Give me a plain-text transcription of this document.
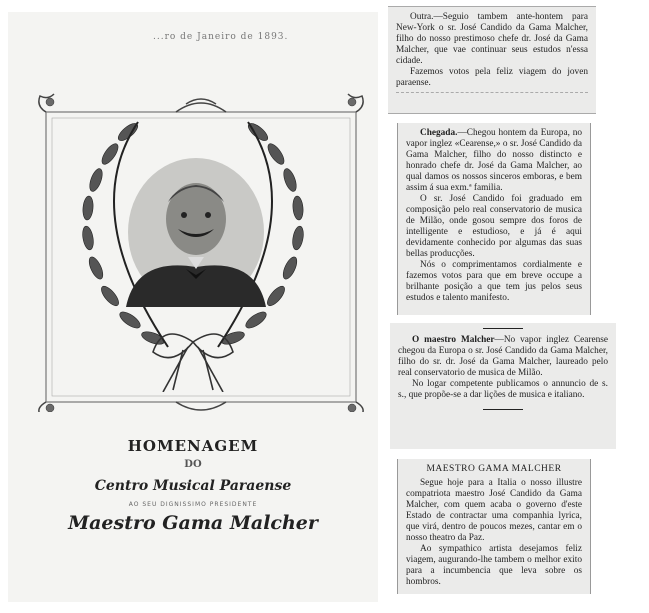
...ro de Janeiro de 1893.
HOMENAGEM
DO
Centro Musical Paraense
AO SEU DIGNISSIMO PRESIDENTE
Maestro Gama Malcher

Outra.—Seguio tambem ante-hontem para New-York o sr. José Candido da Gama Malcher, filho do nosso prestimoso chefe dr. José da Gama Malcher, que vae continuar seus estudos n'essa cidade.

Fazemos votos pela feliz viagem do joven paraense.

Chegada.—Chegou hontem da Europa, no vapor inglez «Cearense,» o sr. José Candido da Gama Malcher, filho do nosso distincto e honrado chefe dr. José da Gama Malcher, ao qual damos os nossos sinceros emboras, e bem assim á sua exm.ª familia.

O sr. José Candido foi graduado em composição pelo real conservatorio de musica de Milão, onde gosou sempre dos foros de intelligente e estudioso, e já é aqui devidamente conhecido por algumas das suas bellas producções.

Nós o comprimentamos cordialmente e fazemos votos para que em breve occupe a brilhante posição a que tem jus pelos seus estudos e talento manifesto.

O maestro Malcher—No vapor inglez Cearense chegou da Europa o sr. José Candido da Gama Malcher, filho do sr. dr. José da Gama Malcher, laureado pelo real conservatorio de musica de Milão.

No logar competente publicamos o annuncio de s. s., que propõe-se a dar lições de musica e italiano.

MAESTRO GAMA MALCHER

Segue hoje para a Italia o nosso illustre compatriota maestro José Candido da Gama Malcher, com quem acaba o governo d'este Estado de contractar uma companhia lyrica, que virá, dentro de poucos mezes, cantar em o nosso theatro da Paz.

Ao sympathico artista desejamos feliz viagem, augurando-lhe tambem o melhor exito para a incumbencia que leva sobre os hombros.
